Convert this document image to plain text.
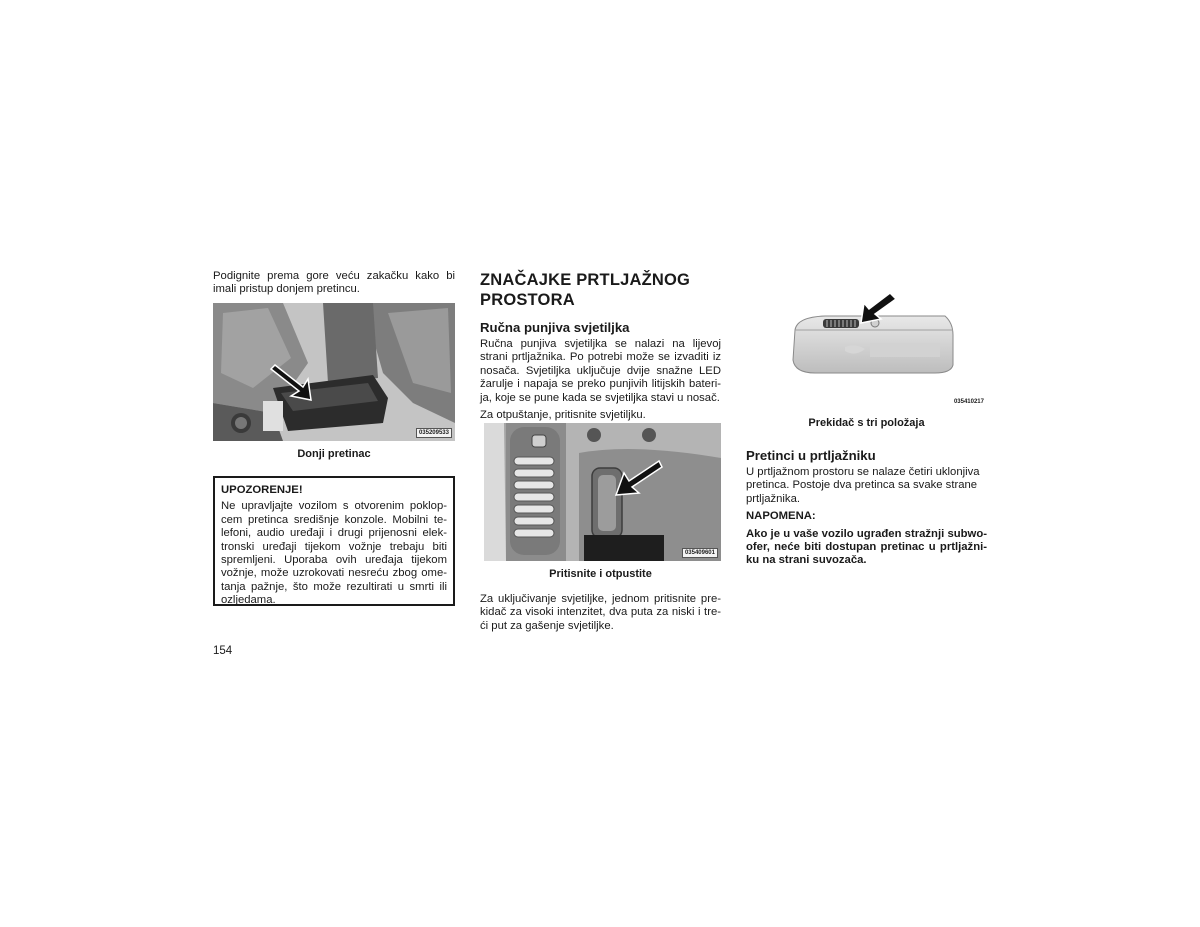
Podignite prema gore veću zakačku kako bi imali pristup donjem pretincu.

035209533
Donji pretinac

UPOZORENJE!

Ne upravljajte vozilom s otvorenim poklop-cem pretinca središnje konzole. Mobilni te-lefoni, audio uređaji i drugi prijenosni elek-tronski uređaji tijekom vožnje trebaju biti spremljeni. Uporaba ovih uređaja tijekom vožnje, može uzrokovati nesreću zbog ome-tanja pažnje, što može rezultirati u smrti ili ozljedama.

154
ZNAČAJKE PRTLJAŽNOG
PROSTORA
Ručna punjiva svjetiljka

Ručna punjiva svjetiljka se nalazi na lijevoj strani prtljažnika. Po potrebi može se izvaditi iz nosača. Svjetiljka uključuje dvije snažne LED žarulje i napaja se preko punjivih litijskih bateri-ja, koje se pune kada se svjetiljka stavi u nosač.

Za otpuštanje, pritisnite svjetiljku.

035409601
Pritisnite i otpustite

Za uključivanje svjetiljke, jednom pritisnite pre-kidač za visoki intenzitet, dva puta za niski i tre-ći put za gašenje svjetiljke.

035410217
Prekidač s tri položaja
Pretinci u prtljažniku

U prtljažnom prostoru se nalaze četiri uklonjiva pretinca. Postoje dva pretinca sa svake strane prtljažnika.

NAPOMENA:

Ako je u vaše vozilo ugrađen stražnji subwo-ofer, neće biti dostupan pretinac u prtljažni-ku na strani suvozača.
